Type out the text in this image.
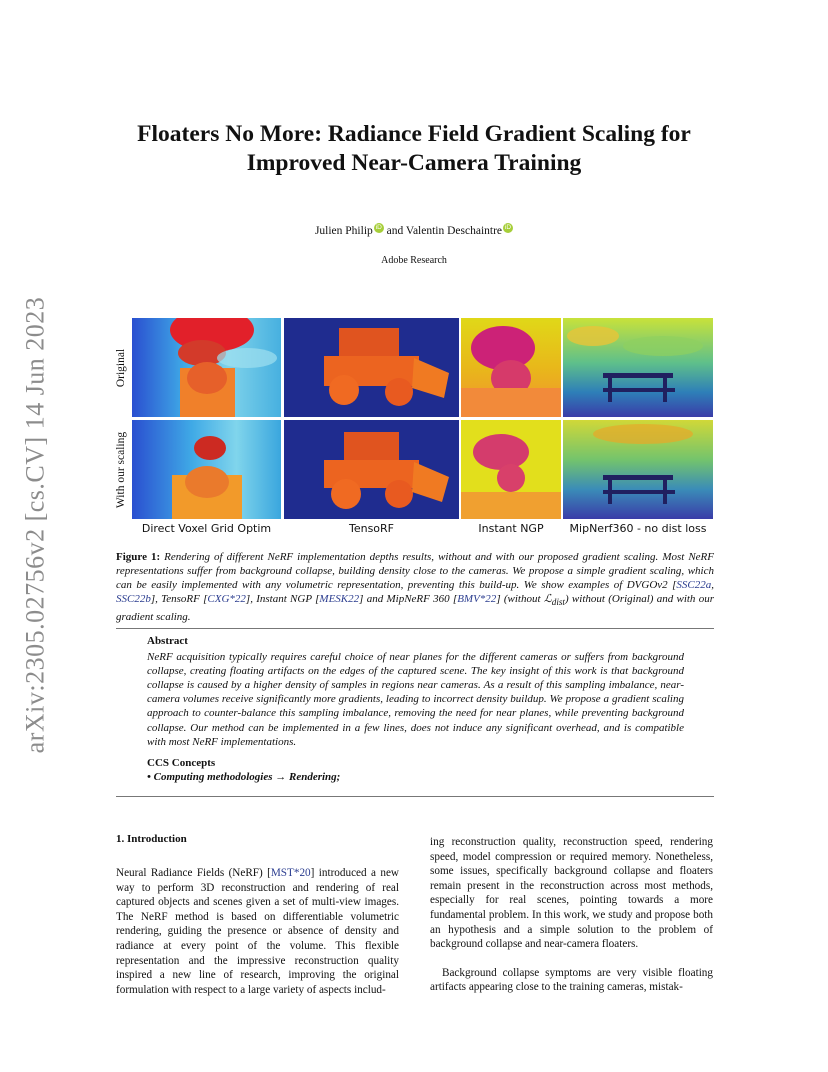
arXiv:2305.02756v2 [cs.CV] 14 Jun 2023
Floaters No More: Radiance Field Gradient Scaling for
Improved Near-Camera Training
Julien Philip iD and Valentin Deschaintre iD
Adobe Research
Original
With our scaling
Direct Voxel Grid Optim	TensoRF	Instant NGP	MipNerf360 - no dist loss
Figure 1: Rendering of different NeRF implementation depths results, without and with our proposed gradient scaling. Most NeRF representations suffer from background collapse, building density close to the cameras. We propose a simple gradient scaling, which can be easily implemented with any volumetric representation, preventing this build-up. We show examples of DVGOv2 [SSC22a, SSC22b], TensoRF [CXG*22], Instant NGP [MESK22] and MipNeRF 360 [BMV*22] (without ℒ$_{dist}$) without (Original) and with our gradient scaling.
Abstract

NeRF acquisition typically requires careful choice of near planes for the different cameras or suffers from background collapse, creating floating artifacts on the edges of the captured scene. The key insight of this work is that background collapse is caused by a higher density of samples in regions near cameras. As a result of this sampling imbalance, near-camera volumes receive significantly more gradients, leading to incorrect density buildup. We propose a gradient scaling approach to counter-balance this sampling imbalance, removing the need for near planes, while preventing background collapse. Our method can be implemented in a few lines, does not induce any significant overhead, and is compatible with most NeRF implementations.

CCS Concepts
• Computing methodologies → Rendering;
1. Introduction

Neural Radiance Fields (NeRF) [MST*20] introduced a new way to perform 3D reconstruction and rendering of real captured objects and scenes given a set of multi-view images. The NeRF method is based on differentiable volumetric rendering, guiding the presence or absence of density and radiance at every point of the volume. This flexible representation and the impressive reconstruction quality inspired a new line of research, improving the original formulation with respect to a large variety of aspects includ-

ing reconstruction quality, reconstruction speed, rendering speed, model compression or required memory. Nonetheless, some issues, specifically background collapse and floaters remain present in the reconstruction across most methods, especially for real scenes, pointing towards a more fundamental problem. In this work, we study and propose both an hypothesis and a simple solution to the problem of background collapse and near-camera floaters.

Background collapse symptoms are very visible floating artifacts appearing close to the training cameras, mistak-
